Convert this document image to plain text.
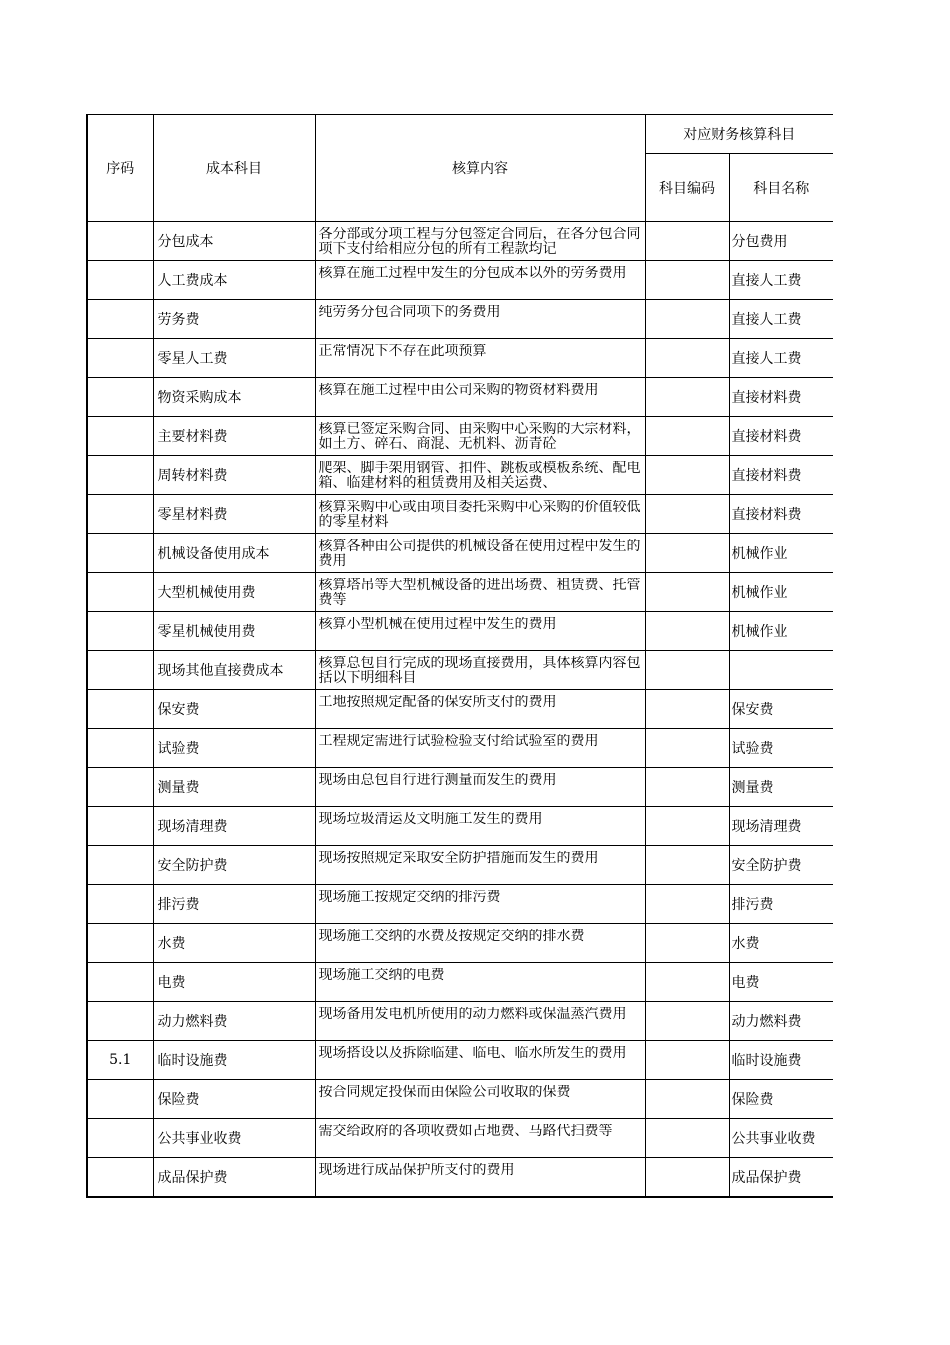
序码	成本科目	核算内容	对应财务核算科目	
			科目编码	科目名称
	分包成本	各分部或分项工程与分包签定合同后，在各分包合同项下支付给相应分包的所有工程款均记		分包费用
	人工费成本	核算在施工过程中发生的分包成本以外的劳务费用		直接人工费
	劳务费	纯劳务分包合同项下的务费用		直接人工费
	零星人工费	正常情况下不存在此项预算		直接人工费
	物资采购成本	核算在施工过程中由公司采购的物资材料费用		直接材料费
	主要材料费	核算已签定采购合同、由采购中心采购的大宗材料，如土方、碎石、商混、无机料、沥青砼		直接材料费
	周转材料费	爬架、脚手架用钢管、扣件、跳板或模板系统、配电箱、临建材料的租赁费用及相关运费、		直接材料费
	零星材料费	核算采购中心或由项目委托采购中心采购的价值较低的零星材料		直接材料费
	机械设备使用成本	核算各种由公司提供的机械设备在使用过程中发生的费用		机械作业
	大型机械使用费	核算塔吊等大型机械设备的进出场费、租赁费、托管费等		机械作业
	零星机械使用费	核算小型机械在使用过程中发生的费用		机械作业
	现场其他直接费成本	核算总包自行完成的现场直接费用，具体核算内容包括以下明细科目		

	保安费	工地按照规定配备的保安所支付的费用		保安费
	试验费	工程规定需进行试验检验支付给试验室的费用		试验费
	测量费	现场由总包自行进行测量而发生的费用		测量费
	现场清理费	现场垃圾清运及文明施工发生的费用		现场清理费
	安全防护费	现场按照规定采取安全防护措施而发生的费用		安全防护费
	排污费	现场施工按规定交纳的排污费		排污费
	水费	现场施工交纳的水费及按规定交纳的排水费		水费
	电费	现场施工交纳的电费		电费
	动力燃料费	现场备用发电机所使用的动力燃料或保温蒸汽费用		动力燃料费
5.1	临时设施费	现场搭设以及拆除临建、临电、临水所发生的费用		临时设施费
	保险费	按合同规定投保而由保险公司收取的保费		保险费
	公共事业收费	需交给政府的各项收费如占地费、马路代扫费等		公共事业收费
	成品保护费	现场进行成品保护所支付的费用		成品保护费
